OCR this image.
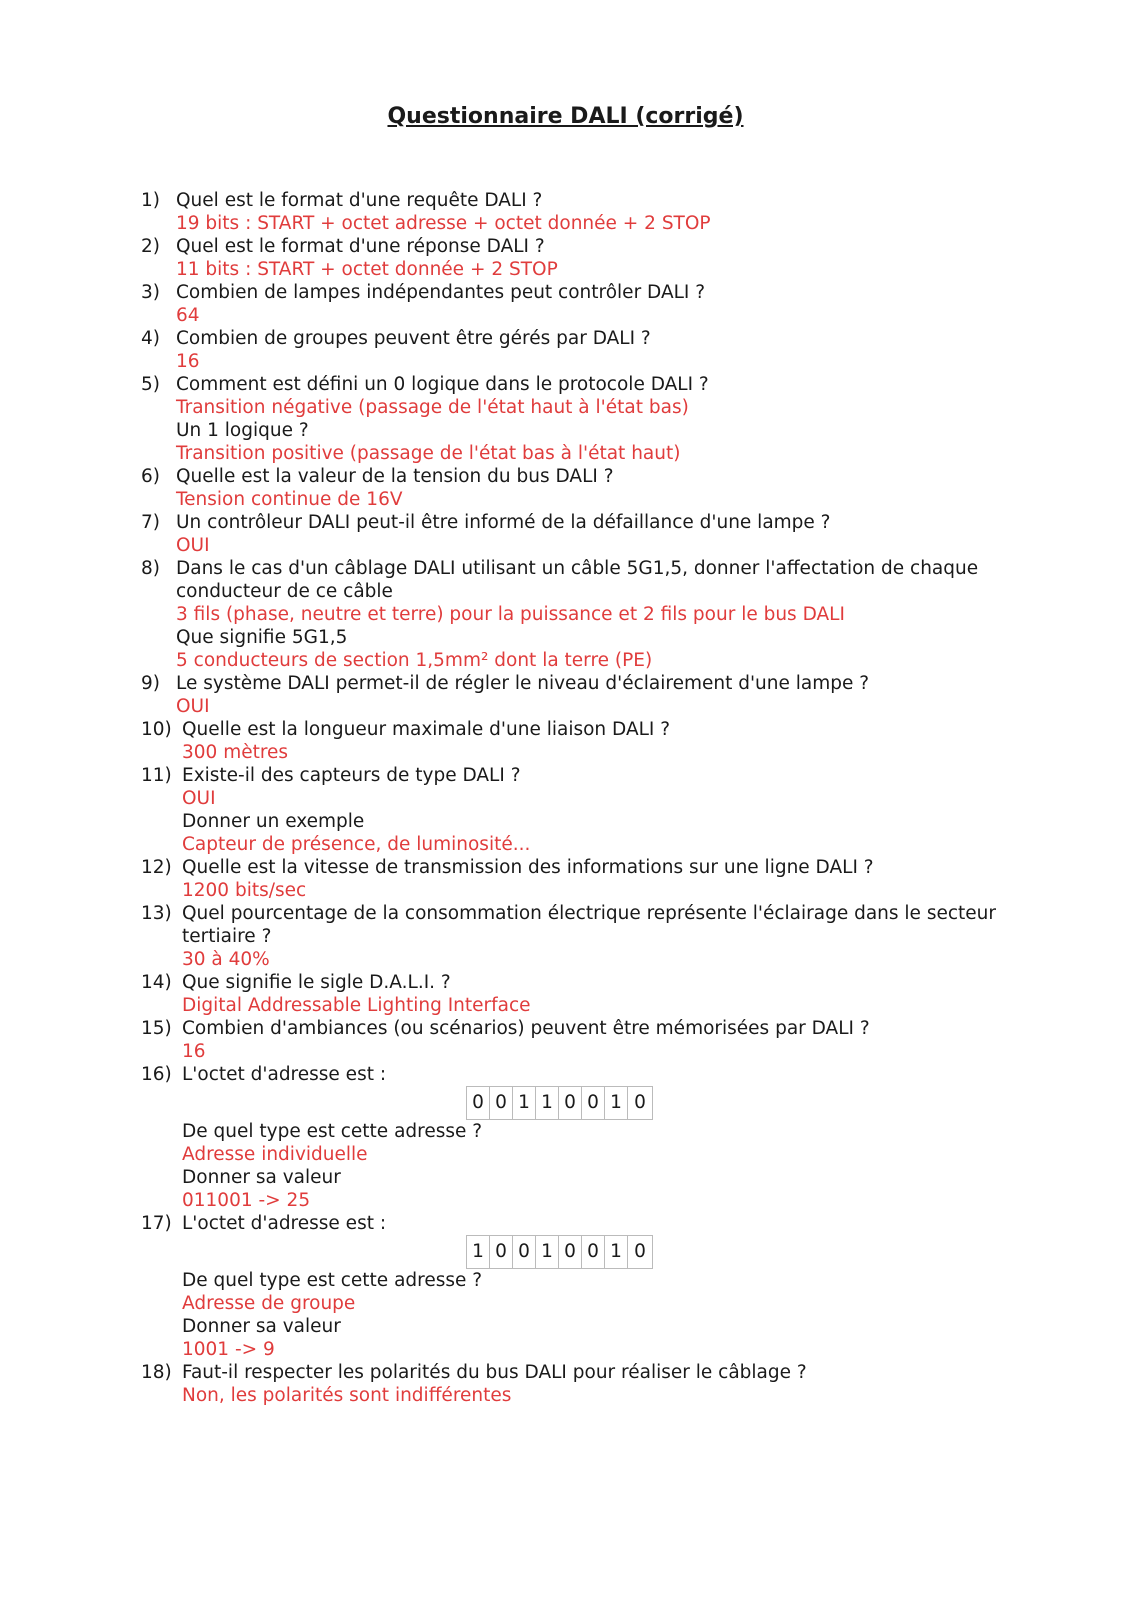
Questionnaire DALI (corrigé)
1) Quel est le format d'une requête DALI ?
19 bits : START + octet adresse + octet donnée + 2 STOP
2) Quel est le format d'une réponse DALI ?
11 bits : START + octet donnée + 2 STOP
3) Combien de lampes indépendantes peut contrôler DALI ?
64
4) Combien de groupes peuvent être gérés par DALI ?
16
5) Comment est défini un 0 logique dans le protocole DALI ?
Transition négative (passage de l'état haut à l'état bas)
Un 1 logique ?
Transition positive (passage de l'état bas à l'état haut)
6) Quelle est la valeur de la tension du bus DALI ?
Tension continue de 16V
7) Un contrôleur DALI peut-il être informé de la défaillance d'une lampe ?
OUI
8) Dans le cas d'un câblage DALI utilisant un câble 5G1,5, donner l'affectation de chaque
conducteur de ce câble
3 fils (phase, neutre et terre) pour la puissance et 2 fils pour le bus DALI
Que signifie 5G1,5
5 conducteurs de section 1,5mm² dont la terre (PE)
9) Le système DALI permet-il de régler le niveau d'éclairement d'une lampe ?
OUI
10) Quelle est la longueur maximale d'une liaison DALI ?
300 mètres
11) Existe-il des capteurs de type DALI ?
OUI
Donner un exemple
Capteur de présence, de luminosité...
12) Quelle est la vitesse de transmission des informations sur une ligne DALI ?
1200 bits/sec
13) Quel pourcentage de la consommation électrique représente l'éclairage dans le secteur
tertiaire ?
30 à 40%
14) Que signifie le sigle D.A.L.I. ?
Digital Addressable Lighting Interface
15) Combien d'ambiances (ou scénarios) peuvent être mémorisées par DALI ?
16
16) L'octet d'adresse est :
0 0 1 1 0 0 1 0
De quel type est cette adresse ?
Adresse individuelle
Donner sa valeur
011001 -> 25
17) L'octet d'adresse est :
1 0 0 1 0 0 1 0
De quel type est cette adresse ?
Adresse de groupe
Donner sa valeur
1001 -> 9
18) Faut-il respecter les polarités du bus DALI pour réaliser le câblage ?
Non, les polarités sont indifférentes
